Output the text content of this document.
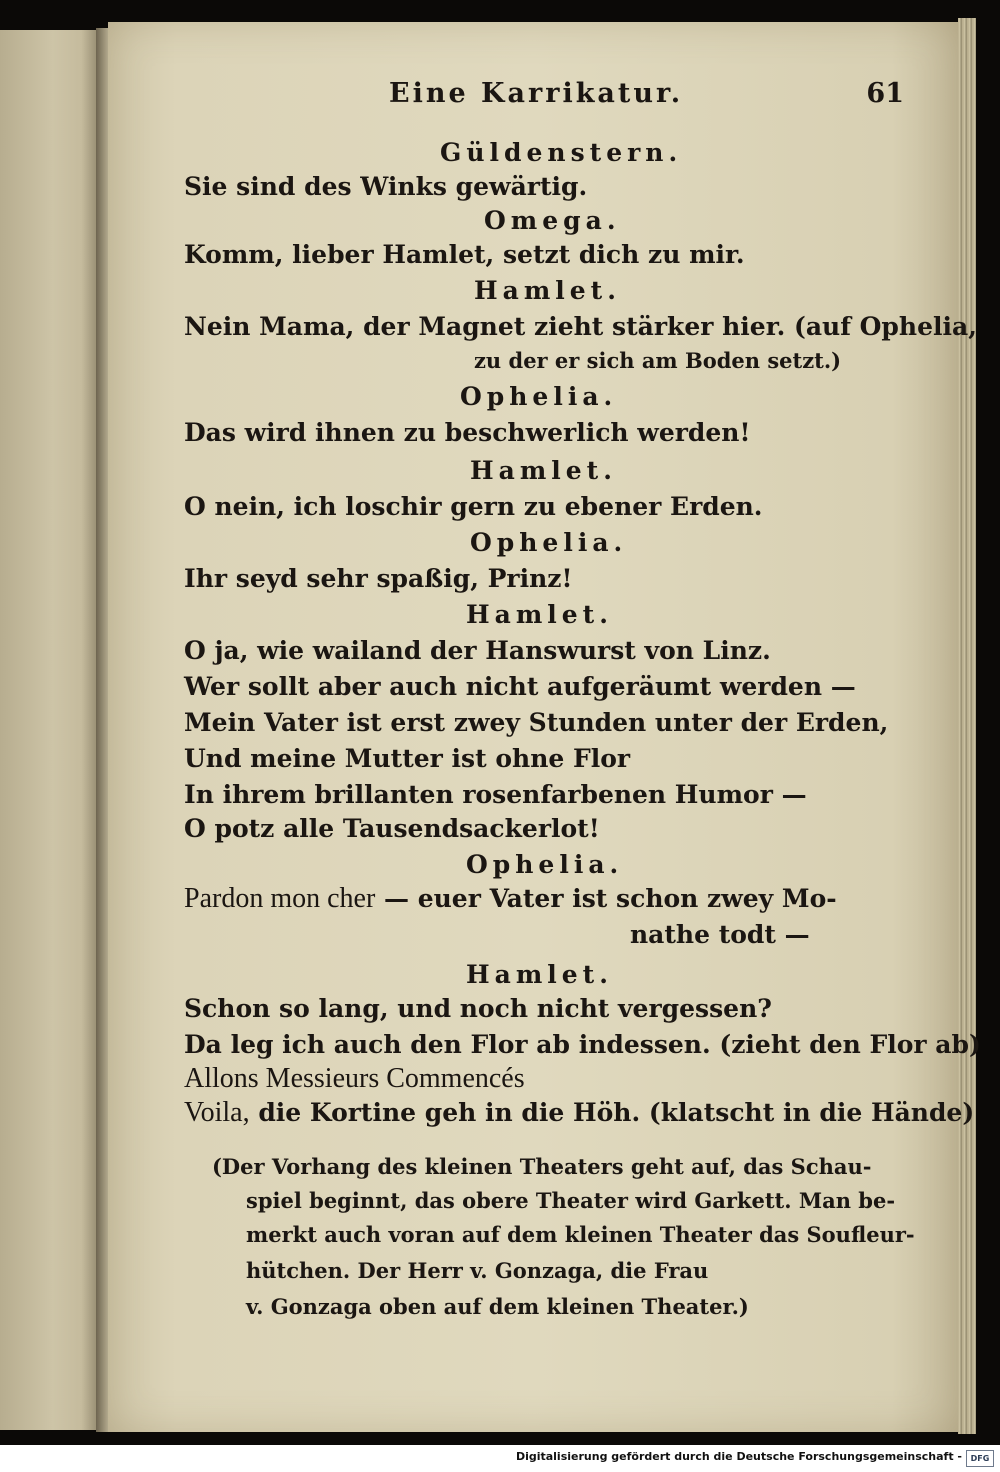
Eine Karrikatur.	61
Güldenstern.
Sie sind des Winks gewärtig.
Omega.
Komm, lieber Hamlet, setzt dich zu mir.
Hamlet.
Nein Mama, der Magnet zieht stärker hier. (auf Ophelia,
zu der er sich am Boden setzt.)
Ophelia.
Das wird ihnen zu beschwerlich werden!
Hamlet.
O nein, ich loschir gern zu ebener Erden.
Ophelia.
Ihr seyd sehr spaßig, Prinz!
Hamlet.
O ja, wie wailand der Hanswurst von Linz.
Wer sollt aber auch nicht aufgeräumt werden —
Mein Vater ist erst zwey Stunden unter der Erden,
Und meine Mutter ist ohne Flor
In ihrem brillanten rosenfarbenen Humor —
O potz alle Tausendsackerlot!
Ophelia.
Pardon mon cher — euer Vater ist schon zwey Mo-
nathe todt —
Hamlet.
Schon so lang, und noch nicht vergessen?
Da leg ich auch den Flor ab indessen. (zieht den Flor ab)
Allons Messieurs Commencés
Voila, die Kortine geh in die Höh. (klatscht in die Hände)
(Der Vorhang des kleinen Theaters geht auf, das Schau-
spiel beginnt, das obere Theater wird Garkett. Man be-
merkt auch voran auf dem kleinen Theater das Soufleur-
hütchen. Der Herr v. Gonzaga, die Frau
v. Gonzaga oben auf dem kleinen Theater.)
Digitalisierung gefördert durch die Deutsche Forschungsgemeinschaft -	DFG
